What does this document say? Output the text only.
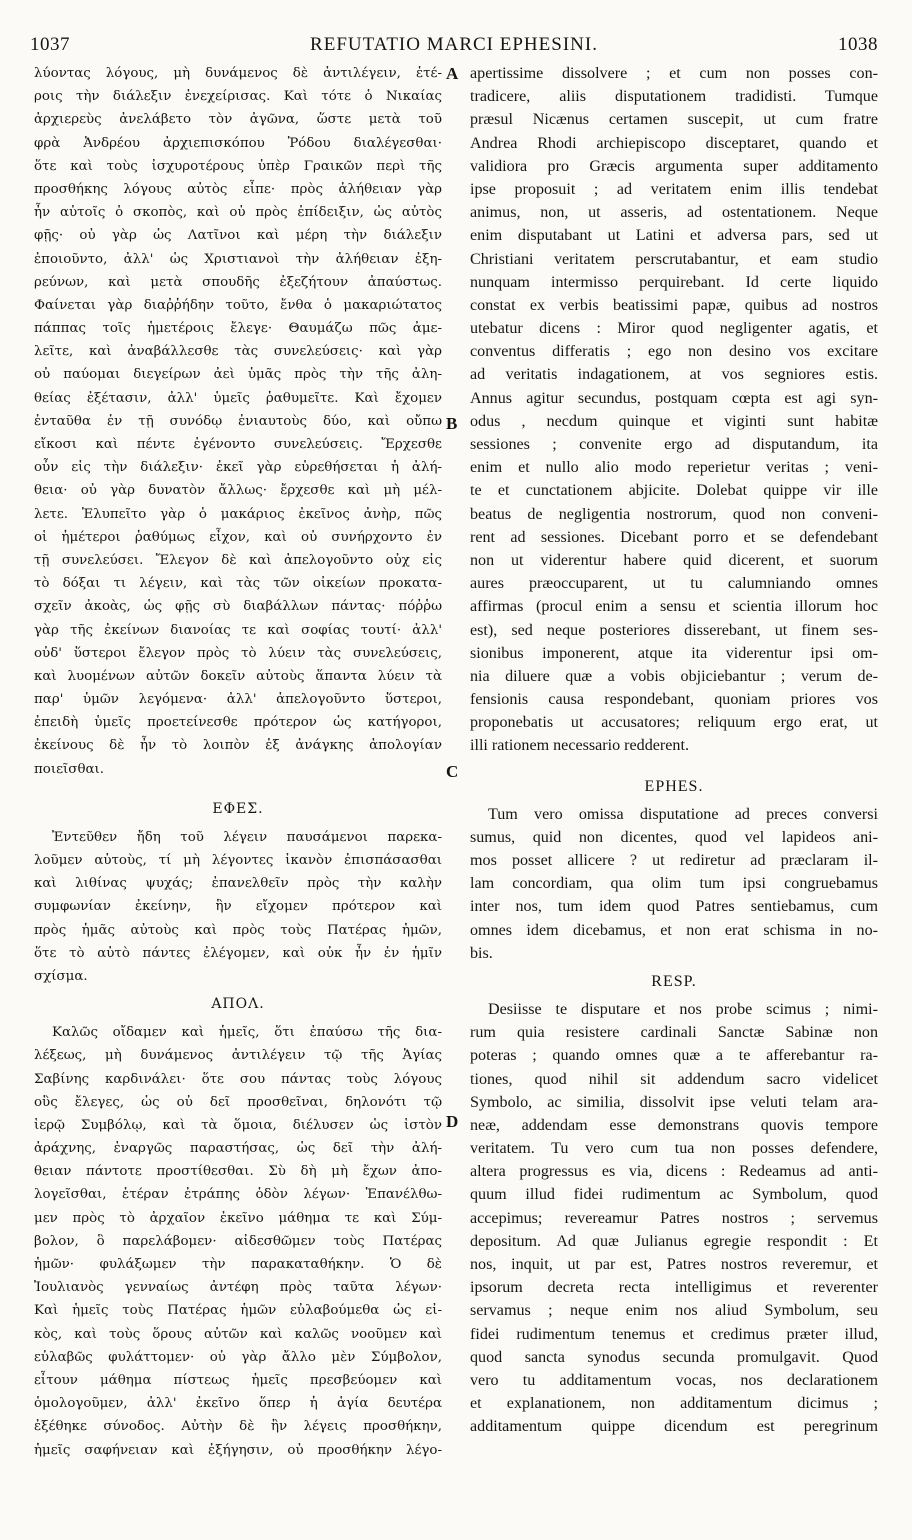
1037	REFUTATIO MARCI EPHESINI.	1038
A
B
C
D
λύοντας λόγους, μὴ δυνάμενος δὲ ἀντιλέγειν, ἑτέ-
ροις τὴν διάλεξιν ἐνεχείρισας. Καὶ τότε ὁ Νικαίας
ἀρχιερεὺς ἀνελάβετο τὸν ἀγῶνα, ὥστε μετὰ τοῦ
φρὰ Ἀνδρέου ἀρχιεπισκόπου Ῥόδου διαλέγεσθαι·
ὅτε καὶ τοὺς ἰσχυροτέρους ὑπὲρ Γραικῶν περὶ τῆς
προσθήκης λόγους αὐτὸς εἶπε· πρὸς ἀλήθειαν γὰρ
ἦν αὐτοῖς ὁ σκοπὸς, καὶ οὐ πρὸς ἐπίδειξιν, ὡς αὐτὸς
φῇς· οὐ γὰρ ὡς Λατῖνοι καὶ μέρη τὴν διάλεξιν
ἐποιοῦντο, ἀλλ' ὡς Χριστιανοὶ τὴν ἀλήθειαν ἐξη-
ρεύνων, καὶ μετὰ σπουδῆς ἐξεζήτουν ἀπαύστως.
Φαίνεται γὰρ διαῤῥήδην τοῦτο, ἔνθα ὁ μακαριώτατος
πάππας τοῖς ἡμετέροις ἔλεγε· Θαυμάζω πῶς ἀμε-
λεῖτε, καὶ ἀναβάλλεσθε τὰς συνελεύσεις· καὶ γὰρ
οὐ παύομαι διεγείρων ἀεὶ ὑμᾶς πρὸς τὴν τῆς ἀλη-
θείας ἐξέτασιν, ἀλλ' ὑμεῖς ῥαθυμεῖτε. Καὶ ἔχομεν
ἐνταῦθα ἐν τῇ συνόδῳ ἐνιαυτοὺς δύο, καὶ οὔπω
εἴκοσι καὶ πέντε ἐγένοντο συνελεύσεις. Ἔρχεσθε
οὖν εἰς τὴν διάλεξιν· ἐκεῖ γὰρ εὑρεθήσεται ἡ ἀλή-
θεια· οὐ γὰρ δυνατὸν ἄλλως· ἔρχεσθε καὶ μὴ μέλ-
λετε. Ἐλυπεῖτο γὰρ ὁ μακάριος ἐκεῖνος ἀνὴρ, πῶς
οἱ ἡμέτεροι ῥαθύμως εἶχον, καὶ οὐ συνήρχοντο ἐν
τῇ συνελεύσει. Ἔλεγον δὲ καὶ ἀπελογοῦντο οὐχ εἰς
τὸ δόξαι τι λέγειν, καὶ τὰς τῶν οἰκείων προκατα-
σχεῖν ἀκοὰς, ὡς φῇς σὺ διαβάλλων πάντας· πόῤῥω
γὰρ τῆς ἐκείνων διανοίας τε καὶ σοφίας τουτί· ἀλλ'
οὐδ' ὕστεροι ἔλεγον πρὸς τὸ λύειν τὰς συνελεύσεις,
καὶ λυομένων αὐτῶν δοκεῖν αὐτοὺς ἅπαντα λύειν τὰ
παρ' ὑμῶν λεγόμενα· ἀλλ' ἀπελογοῦντο ὕστεροι,
ἐπειδὴ ὑμεῖς προετείνεσθε πρότερον ὡς κατήγοροι,
ἐκείνους δὲ ἦν τὸ λοιπὸν ἐξ ἀνάγκης ἀπολογίαν
ποιεῖσθαι.
ΕΦΕΣ.
Ἐντεῦθεν ἤδη τοῦ λέγειν παυσάμενοι παρεκα-
λοῦμεν αὐτοὺς, τί μὴ λέγοντες ἱκανὸν ἐπισπάσασθαι
καὶ λιθίνας ψυχάς; ἐπανελθεῖν πρὸς τὴν καλὴν
συμφωνίαν ἐκείνην, ἣν εἴχομεν πρότερον καὶ
πρὸς ἡμᾶς αὐτοὺς καὶ πρὸς τοὺς Πατέρας ἡμῶν,
ὅτε τὸ αὐτὸ πάντες ἐλέγομεν, καὶ οὐκ ἦν ἐν ἡμῖν
σχίσμα.
ΑΠΟΛ.
Καλῶς οἴδαμεν καὶ ἡμεῖς, ὅτι ἐπαύσω τῆς δια-
λέξεως, μὴ δυνάμενος ἀντιλέγειν τῷ τῆς Ἁγίας
Σαβίνης καρδινάλει· ὅτε σου πάντας τοὺς λόγους
οὓς ἔλεγες, ὡς οὐ δεῖ προσθεῖναι, δηλονότι τῷ
ἱερῷ Συμβόλῳ, καὶ τὰ ὅμοια, διέλυσεν ὡς ἱστὸν
ἀράχνης, ἐναργῶς παραστήσας, ὡς δεῖ τὴν ἀλή-
θειαν πάντοτε προστίθεσθαι. Σὺ δὴ μὴ ἔχων ἀπο-
λογεῖσθαι, ἑτέραν ἐτράπης ὁδὸν λέγων· Ἐπανέλθω-
μεν πρὸς τὸ ἀρχαῖον ἐκεῖνο μάθημα τε καὶ Σύμ-
βολον, ὃ παρελάβομεν· αἰδεσθῶμεν τοὺς Πατέρας
ἡμῶν· φυλάξωμεν τὴν παρακαταθήκην. Ὁ δὲ
Ἰουλιανὸς γενναίως ἀντέφη πρὸς ταῦτα λέγων·
Καὶ ἡμεῖς τοὺς Πατέρας ἡμῶν εὐλαβούμεθα ὡς εἰ-
κὸς, καὶ τοὺς ὅρους αὐτῶν καὶ καλῶς νοοῦμεν καὶ
εὐλαβῶς φυλάττομεν· οὐ γὰρ ἄλλο μὲν Σύμβολον,
εἶτουν μάθημα πίστεως ἡμεῖς πρεσβεύομεν καὶ
ὁμολογοῦμεν, ἀλλ' ἐκεῖνο ὅπερ ἡ ἁγία δευτέρα
ἐξέθηκε σύνοδος. Αὐτὴν δὲ ἣν λέγεις προσθήκην,
ἡμεῖς σαφήνειαν καὶ ἐξήγησιν, οὐ προσθήκην λέγο-
apertissime dissolvere ; et cum non posses con-
tradicere, aliis disputationem tradidisti. Tumque
præsul Nicænus certamen suscepit, ut cum fratre
Andrea Rhodi archiepiscopo disceptaret, quando et
validiora pro Græcis argumenta super additamento
ipse proposuit ; ad veritatem enim illis tendebat
animus, non, ut asseris, ad ostentationem. Neque
enim disputabant ut Latini et adversa pars, sed ut
Christiani veritatem perscrutabantur, et eam studio
nunquam intermisso perquirebant. Id certe liquido
constat ex verbis beatissimi papæ, quibus ad nostros
utebatur dicens : Miror quod negligenter agatis, et
conventus differatis ; ego non desino vos excitare
ad veritatis indagationem, at vos segniores estis.
Annus agitur secundus, postquam cœpta est agi syn-
odus , necdum quinque et viginti sunt habitæ
sessiones ; convenite ergo ad disputandum, ita
enim et nullo alio modo reperietur veritas ; veni-
te et cunctationem abjicite. Dolebat quippe vir ille
beatus de negligentia nostrorum, quod non conveni-
rent ad sessiones. Dicebant porro et se defendebant
non ut viderentur habere quid dicerent, et suorum
aures præoccuparent, ut tu calumniando omnes
affirmas (procul enim a sensu et scientia illorum hoc
est), sed neque posteriores disserebant, ut finem ses-
sionibus imponerent, atque ita viderentur ipsi om-
nia diluere quæ a vobis objiciebantur ; verum de-
fensionis causa respondebant, quoniam priores vos
proponebatis ut accusatores; reliquum ergo erat, ut
illi rationem necessario redderent.
EPHES.
Tum vero omissa disputatione ad preces conversi
sumus, quid non dicentes, quod vel lapideos ani-
mos posset allicere ? ut rediretur ad præclaram il-
lam concordiam, qua olim tum ipsi congruebamus
inter nos, tum idem quod Patres sentiebamus, cum
omnes idem dicebamus, et non erat schisma in no-
bis.
RESP.
Desiisse te disputare et nos probe scimus ; nimi-
rum quia resistere cardinali Sanctæ Sabinæ non
poteras ; quando omnes quæ a te afferebantur ra-
tiones, quod nihil sit addendum sacro videlicet
Symbolo, ac similia, dissolvit ipse veluti telam ara-
neæ, addendam esse demonstrans quovis tempore
veritatem. Tu vero cum tua non posses defendere,
altera progressus es via, dicens : Redeamus ad anti-
quum illud fidei rudimentum ac Symbolum, quod
accepimus; revereamur Patres nostros ; servemus
depositum. Ad quæ Julianus egregie respondit : Et
nos, inquit, ut par est, Patres nostros reveremur, et
ipsorum decreta recta intelligimus et reverenter
servamus ; neque enim nos aliud Symbolum, seu
fidei rudimentum tenemus et credimus præter illud,
quod sancta synodus secunda promulgavit. Quod
vero tu additamentum vocas, nos declarationem
et explanationem, non additamentum dicimus ;
additamentum quippe dicendum est peregrinum
